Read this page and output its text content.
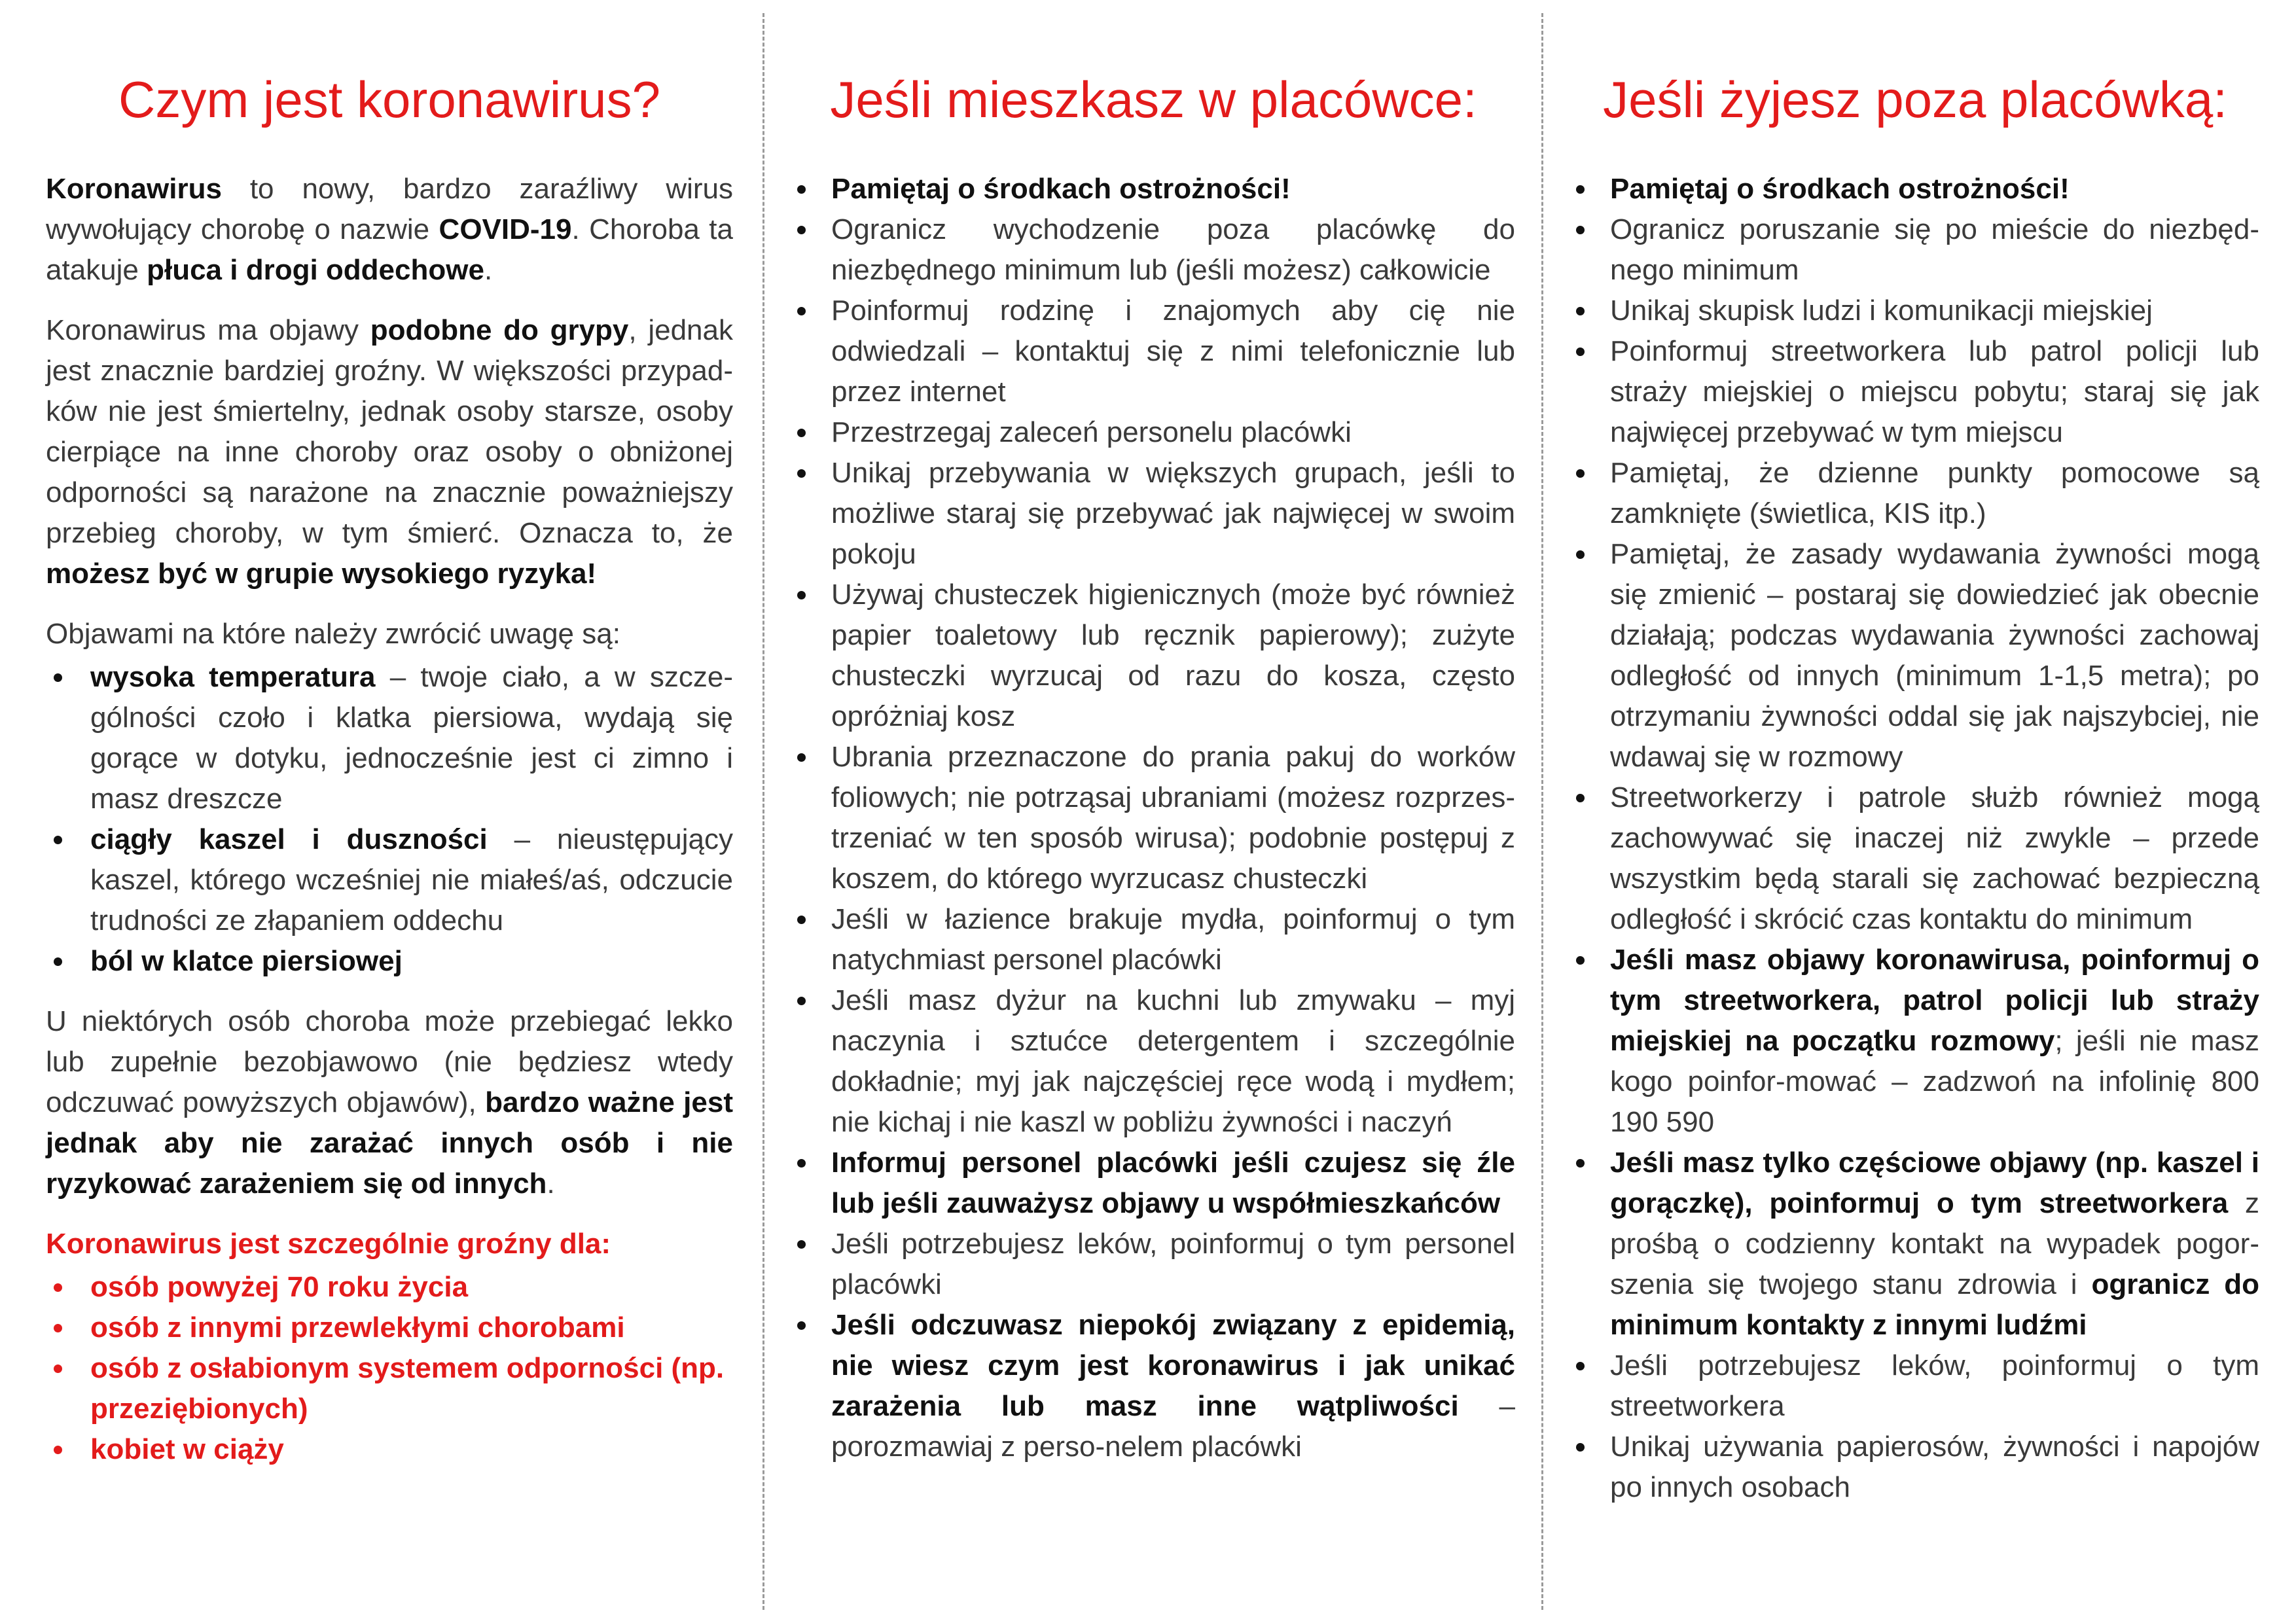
Czym jest koronawirus?

Koronawirus to nowy, bardzo zaraźliwy wirus wywołujący chorobę o nazwie COVID-19. Choroba ta atakuje płuca i drogi oddechowe.

Koronawirus ma objawy podobne do grypy, jednak jest znacznie bardziej groźny. W większości przypad-ków nie jest śmiertelny, jednak osoby starsze, osoby cierpiące na inne choroby oraz osoby o obniżonej odporności są narażone na znacznie poważniejszy przebieg choroby, w tym śmierć. Oznacza to, że możesz być w grupie wysokiego ryzyka!

Objawami na które należy zwrócić uwagę są:

wysoka temperatura – twoje ciało, a w szcze-gólności czoło i klatka piersiowa, wydają się gorące w dotyku, jednocześnie jest ci zimno i masz dreszcze
ciągły kaszel i duszności – nieustępujący kaszel, którego wcześniej nie miałeś/aś, odczucie trudności ze złapaniem oddechu
ból w klatce piersiowej

U niektórych osób choroba może przebiegać lekko lub zupełnie bezobjawowo (nie będziesz wtedy odczuwać powyższych objawów), bardzo ważne jest jednak aby nie zarażać innych osób i nie ryzykować zarażeniem się od innych.

Koronawirus jest szczególnie groźny dla:

osób powyżej 70 roku życia
osób z innymi przewlekłymi chorobami
osób z osłabionym systemem odporności (np. przeziębionych)
kobiet w ciąży
Jeśli mieszkasz w placówce:
Pamiętaj o środkach ostrożności!
Ogranicz wychodzenie poza placówkę do niezbędnego minimum lub (jeśli możesz) całkowicie
Poinformuj rodzinę i znajomych aby cię nie odwiedzali – kontaktuj się z nimi telefonicznie lub przez internet
Przestrzegaj zaleceń personelu placówki
Unikaj przebywania w większych grupach, jeśli to możliwe staraj się przebywać jak najwięcej w swoim pokoju
Używaj chusteczek higienicznych (może być również papier toaletowy lub ręcznik papierowy); zużyte chusteczki wyrzucaj od razu do kosza, często opróżniaj kosz
Ubrania przeznaczone do prania pakuj do worków foliowych; nie potrząsaj ubraniami (możesz rozprzes-trzeniać w ten sposób wirusa); podobnie postępuj z koszem, do którego wyrzucasz chusteczki
Jeśli w łazience brakuje mydła, poinformuj o tym natychmiast personel placówki
Jeśli masz dyżur na kuchni lub zmywaku – myj naczynia i sztućce detergentem i szczególnie dokładnie; myj jak najczęściej ręce wodą i mydłem; nie kichaj i nie kaszl w pobliżu żywności i naczyń
Informuj personel placówki jeśli czujesz się źle lub jeśli zauważysz objawy u współmieszkańców
Jeśli potrzebujesz leków, poinformuj o tym personel placówki
Jeśli odczuwasz niepokój związany z epidemią, nie wiesz czym jest koronawirus i jak unikać zarażenia lub masz inne wątpliwości – porozmawiaj z perso-nelem placówki
Jeśli żyjesz poza placówką:
Pamiętaj o środkach ostrożności!
Ogranicz poruszanie się po mieście do niezbęd-nego minimum
Unikaj skupisk ludzi i komunikacji miejskiej
Poinformuj streetworkera lub patrol policji lub straży miejskiej o miejscu pobytu; staraj się jak najwięcej przebywać w tym miejscu
Pamiętaj, że dzienne punkty pomocowe są zamknięte (świetlica, KIS itp.)
Pamiętaj, że zasady wydawania żywności mogą się zmienić – postaraj się dowiedzieć jak obecnie działają; podczas wydawania żywności zachowaj odległość od innych (minimum 1-1,5 metra); po otrzymaniu żywności oddal się jak najszybciej, nie wdawaj się w rozmowy
Streetworkerzy i patrole służb również mogą zachowywać się inaczej niż zwykle – przede wszystkim będą starali się zachować bezpieczną odległość i skrócić czas kontaktu do minimum
Jeśli masz objawy koronawirusa, poinformuj o tym streetworkera, patrol policji lub straży miejskiej na początku rozmowy; jeśli nie masz kogo poinfor-mować – zadzwoń na infolinię 800 190 590
Jeśli masz tylko częściowe objawy (np. kaszel i gorączkę), poinformuj o tym streetworkera z prośbą o codzienny kontakt na wypadek pogor-szenia się twojego stanu zdrowia i ogranicz do minimum kontakty z innymi ludźmi
Jeśli potrzebujesz leków, poinformuj o tym streetworkera
Unikaj używania papierosów, żywności i napojów po innych osobach
